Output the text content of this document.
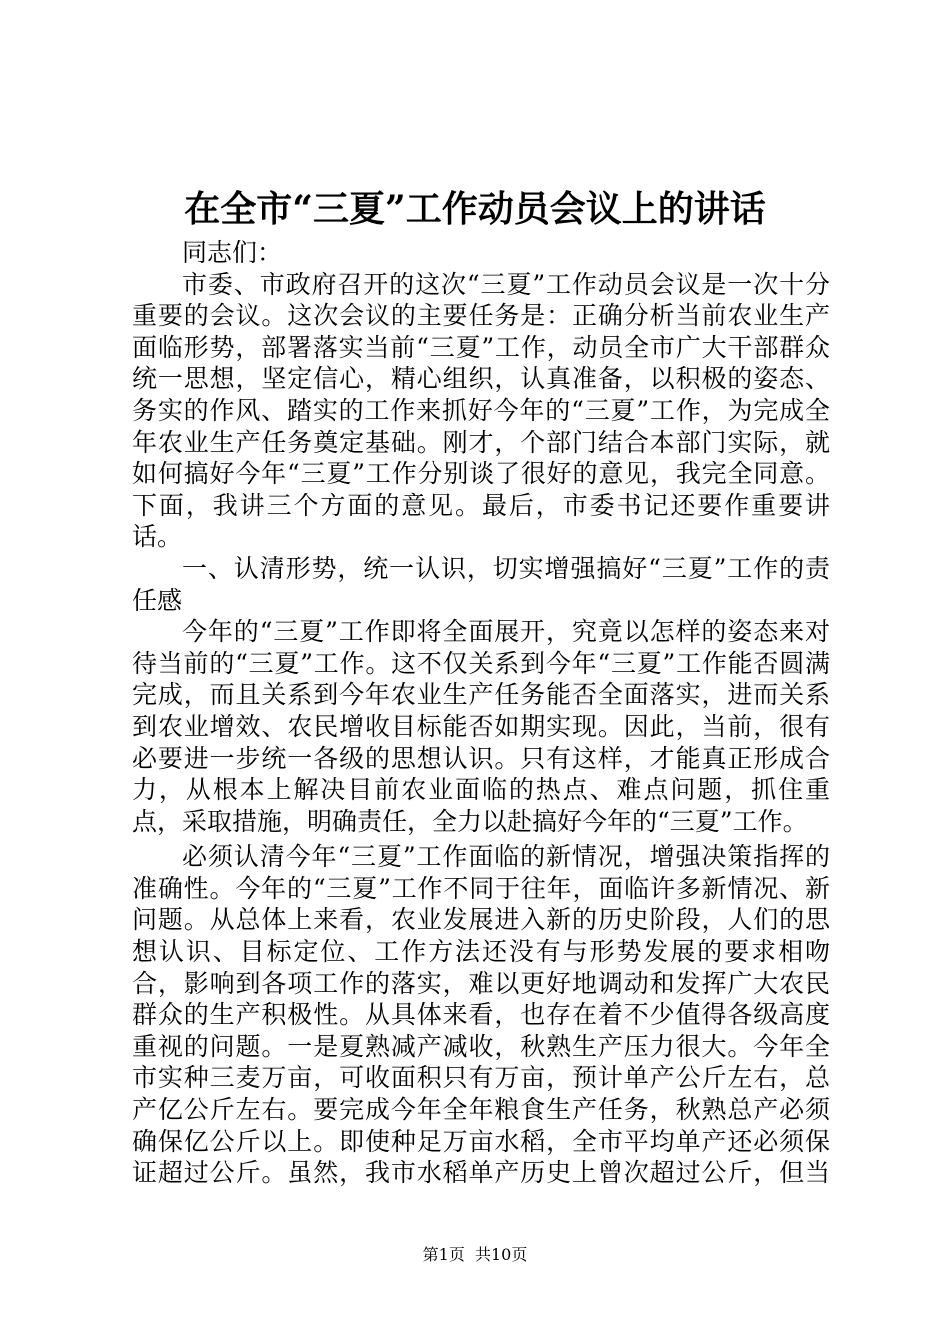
在全市“三夏”工作动员会议上的讲话

同志们：

市委、市政府召开的这次“三夏”工作动员会议是一次十分重要的会议。这次会议的主要任务是：正确分析当前农业生产面临形势，部署落实当前“三夏”工作，动员全市广大干部群众统一思想，坚定信心，精心组织，认真准备，以积极的姿态、务实的作风、踏实的工作来抓好今年的“三夏”工作，为完成全年农业生产任务奠定基础。刚才，个部门结合本部门实际，就如何搞好今年“三夏”工作分别谈了很好的意见，我完全同意。下面，我讲三个方面的意见。最后，市委书记还要作重要讲话。

一、认清形势，统一认识，切实增强搞好“三夏”工作的责任感

今年的“三夏”工作即将全面展开，究竟以怎样的姿态来对待当前的“三夏”工作。这不仅关系到今年“三夏”工作能否圆满完成，而且关系到今年农业生产任务能否全面落实，进而关系到农业增效、农民增收目标能否如期实现。因此，当前，很有必要进一步统一各级的思想认识。只有这样，才能真正形成合力，从根本上解决目前农业面临的热点、难点问题，抓住重点，采取措施，明确责任，全力以赴搞好今年的“三夏”工作。

必须认清今年“三夏”工作面临的新情况，增强决策指挥的准确性。今年的“三夏”工作不同于往年，面临许多新情况、新问题。从总体上来看，农业发展进入新的历史阶段，人们的思想认识、目标定位、工作方法还没有与形势发展的要求相吻合，影响到各项工作的落实，难以更好地调动和发挥广大农民群众的生产积极性。从具体来看，也存在着不少值得各级高度重视的问题。一是夏熟减产减收，秋熟生产压力很大。今年全市实种三麦万亩，可收面积只有万亩，预计单产公斤左右，总产亿公斤左右。要完成今年全年粮食生产任务，秋熟总产必须确保亿公斤以上。即使种足万亩水稻，全市平均单产还必须保证超过公斤。虽然，我市水稻单产历史上曾次超过公斤，但当

第1页  共10页
